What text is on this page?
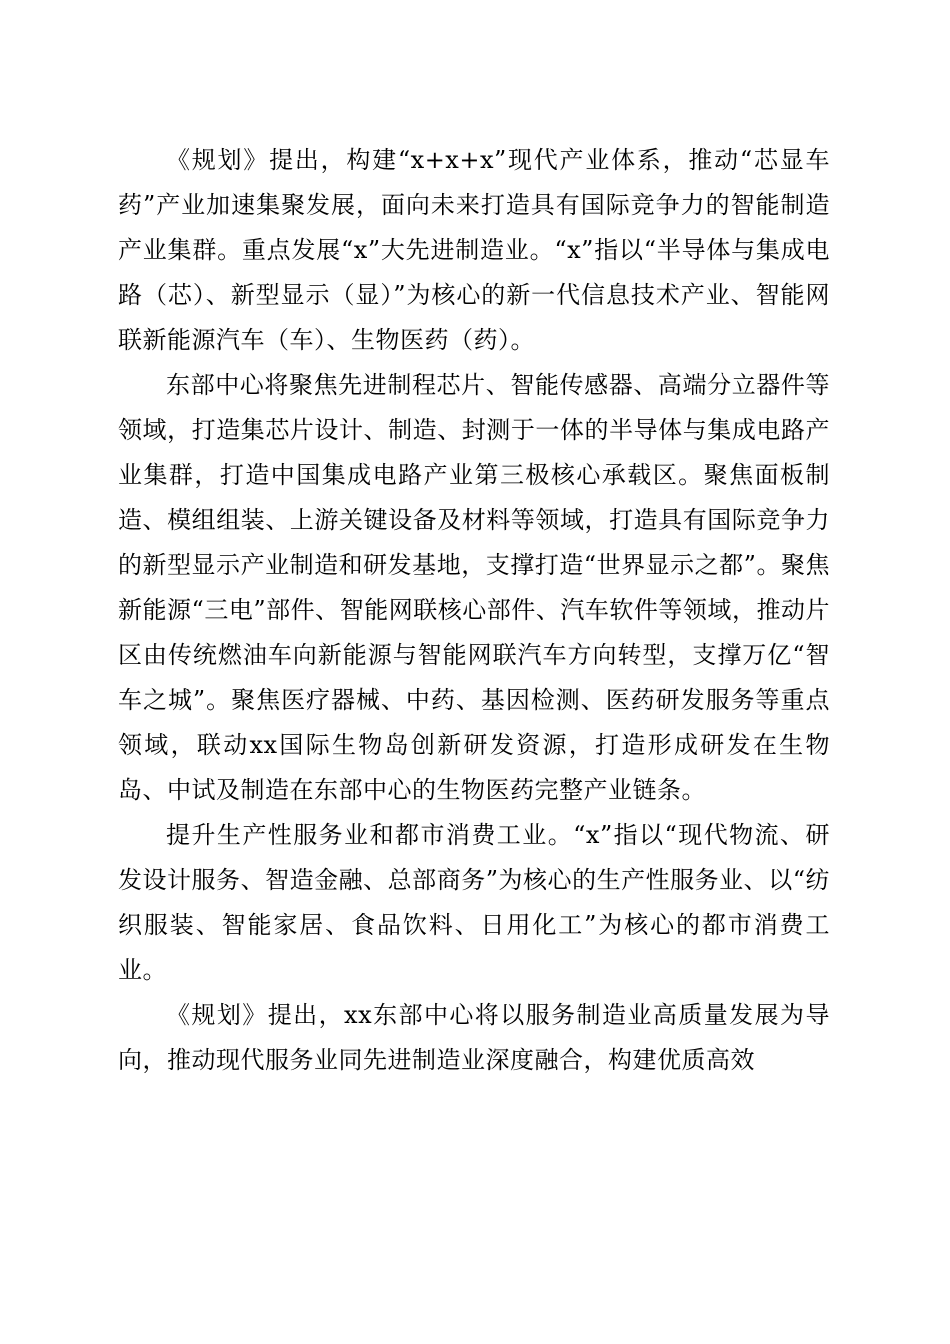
《规划》提出，构建“x+x+x”现代产业体系，推动“芯显车药”产业加速集聚发展，面向未来打造具有国际竞争力的智能制造产业集群。重点发展“x”大先进制造业。“x”指以“半导体与集成电路（芯）、新型显示（显）”为核心的新一代信息技术产业、智能网联新能源汽车（车）、生物医药（药）。

东部中心将聚焦先进制程芯片、智能传感器、高端分立器件等领域，打造集芯片设计、制造、封测于一体的半导体与集成电路产业集群，打造中国集成电路产业第三极核心承载区。聚焦面板制造、模组组装、上游关键设备及材料等领域，打造具有国际竞争力的新型显示产业制造和研发基地，支撑打造“世界显示之都”。聚焦新能源“三电”部件、智能网联核心部件、汽车软件等领域，推动片区由传统燃油车向新能源与智能网联汽车方向转型，支撑万亿“智车之城”。聚焦医疗器械、中药、基因检测、医药研发服务等重点领域，联动xx国际生物岛创新研发资源，打造形成研发在生物岛、中试及制造在东部中心的生物医药完整产业链条。

提升生产性服务业和都市消费工业。“x”指以“现代物流、研发设计服务、智造金融、总部商务”为核心的生产性服务业、以“纺织服装、智能家居、食品饮料、日用化工”为核心的都市消费工业。

《规划》提出，xx东部中心将以服务制造业高质量发展为导向，推动现代服务业同先进制造业深度融合，构建优质高效
